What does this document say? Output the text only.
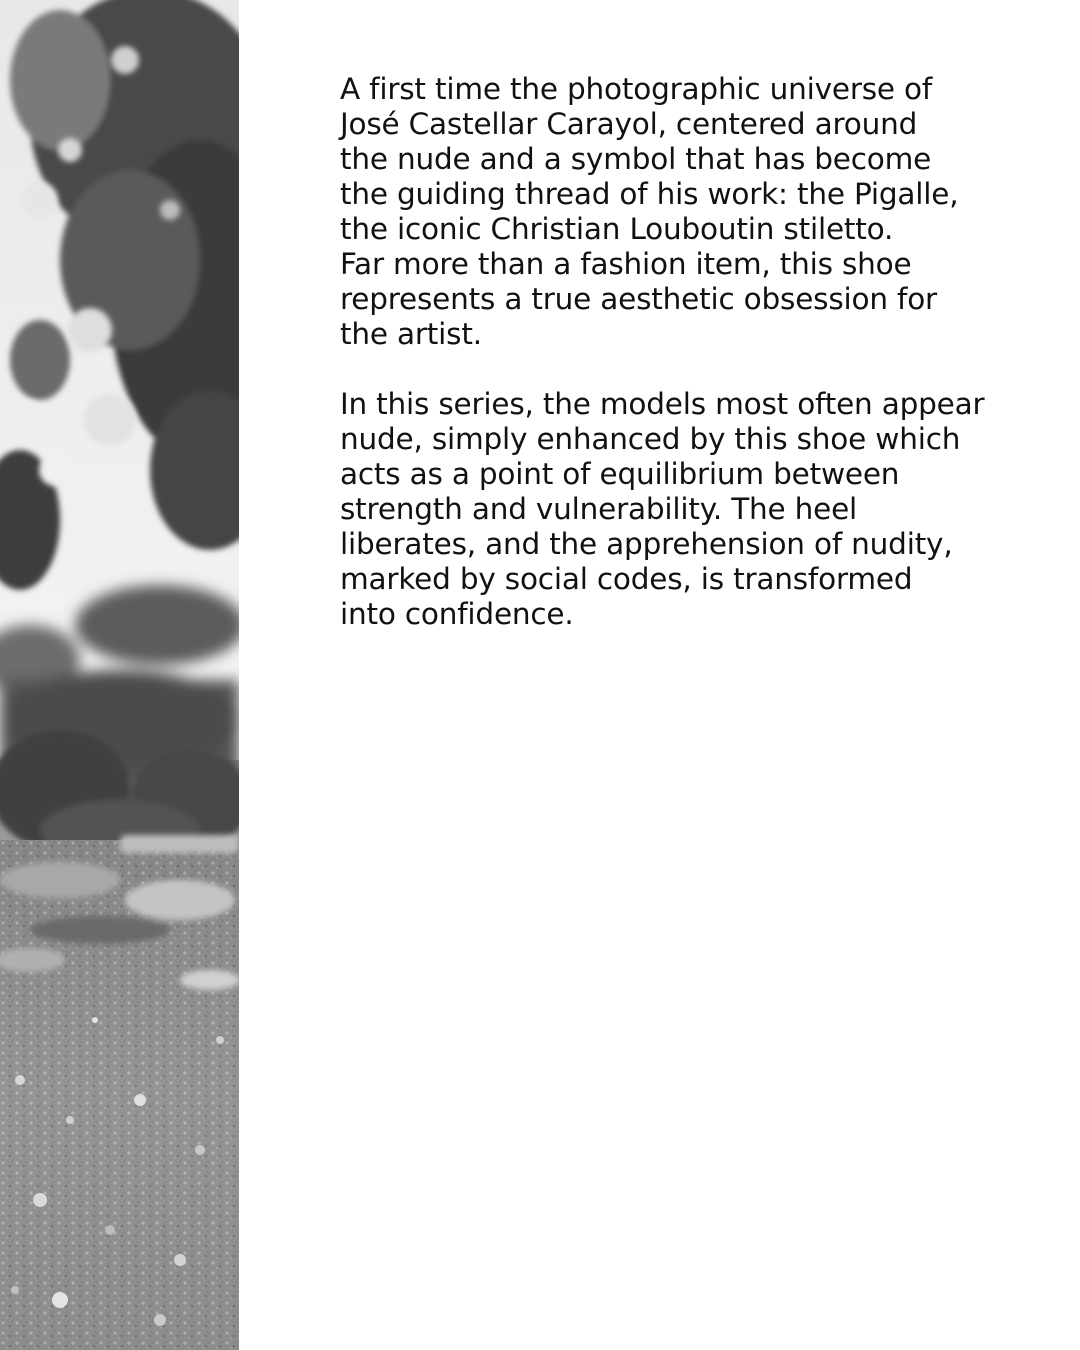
A first time the photographic universe of
José Castellar Carayol, centered around
the nude and a symbol that has become
the guiding thread of his work: the Pigalle,
the iconic Christian Louboutin stiletto.
Far more than a fashion item, this shoe
represents a true aesthetic obsession for
the artist.

In this series, the models most often appear
nude, simply enhanced by this shoe which
acts as a point of equilibrium between
strength and vulnerability. The heel
liberates, and the apprehension of nudity,
marked by social codes, is transformed
into confidence.
